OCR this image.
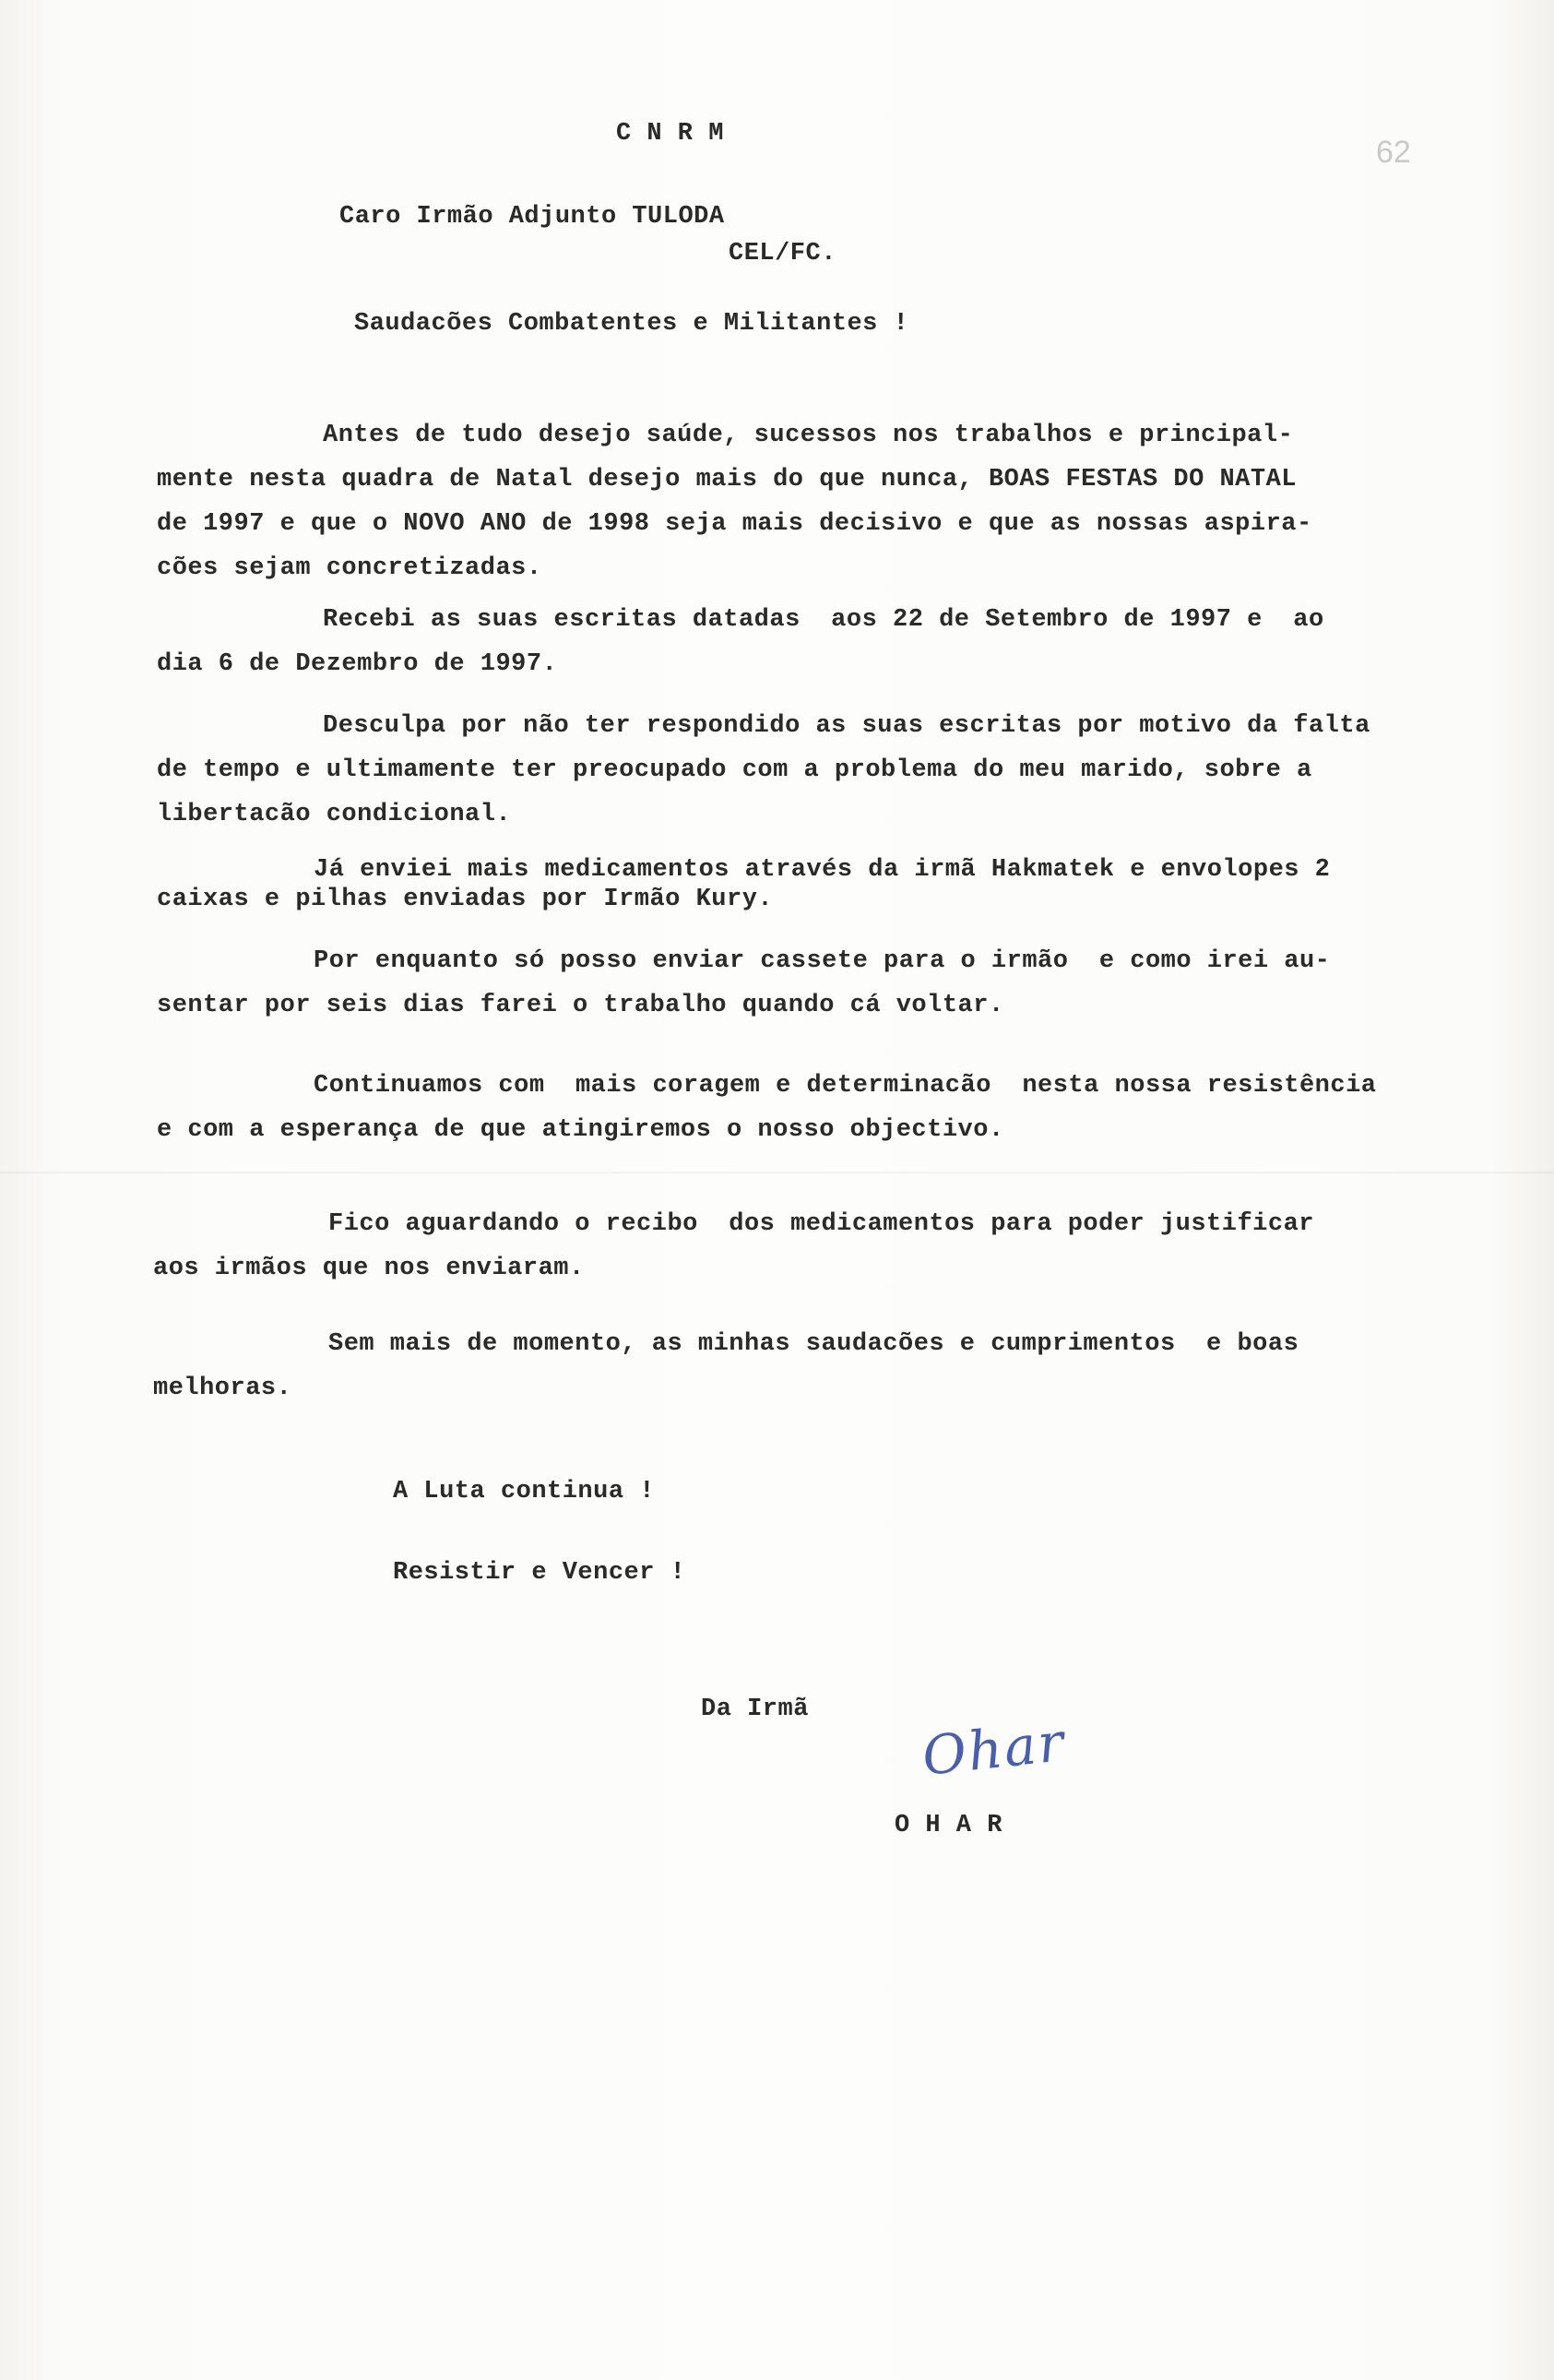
62
C N R M
Caro Irmão Adjunto TULODA
CEL/FC.
Saudacões Combatentes e Militantes !
Antes de tudo desejo saúde, sucessos nos trabalhos e principal-
mente nesta quadra de Natal desejo mais do que nunca, BOAS FESTAS DO NATAL
de 1997 e que o NOVO ANO de 1998 seja mais decisivo e que as nossas aspira-
cões sejam concretizadas.
Recebi as suas escritas datadas  aos 22 de Setembro de 1997 e  ao
dia 6 de Dezembro de 1997.
Desculpa por não ter respondido as suas escritas por motivo da falta
de tempo e ultimamente ter preocupado com a problema do meu marido, sobre a
libertacão condicional.
Já enviei mais medicamentos através da irmã Hakmatek e envolopes 2
caixas e pilhas enviadas por Irmão Kury.
Por enquanto só posso enviar cassete para o irmão  e como irei au-
sentar por seis dias farei o trabalho quando cá voltar.
Continuamos com  mais coragem e determinacão  nesta nossa resistência
e com a esperança de que atingiremos o nosso objectivo.
Fico aguardando o recibo  dos medicamentos para poder justificar
aos irmãos que nos enviaram.
Sem mais de momento, as minhas saudacões e cumprimentos  e boas
melhoras.
A Luta continua !
Resistir e Vencer !
Da Irmã
Ohar
O H A R
